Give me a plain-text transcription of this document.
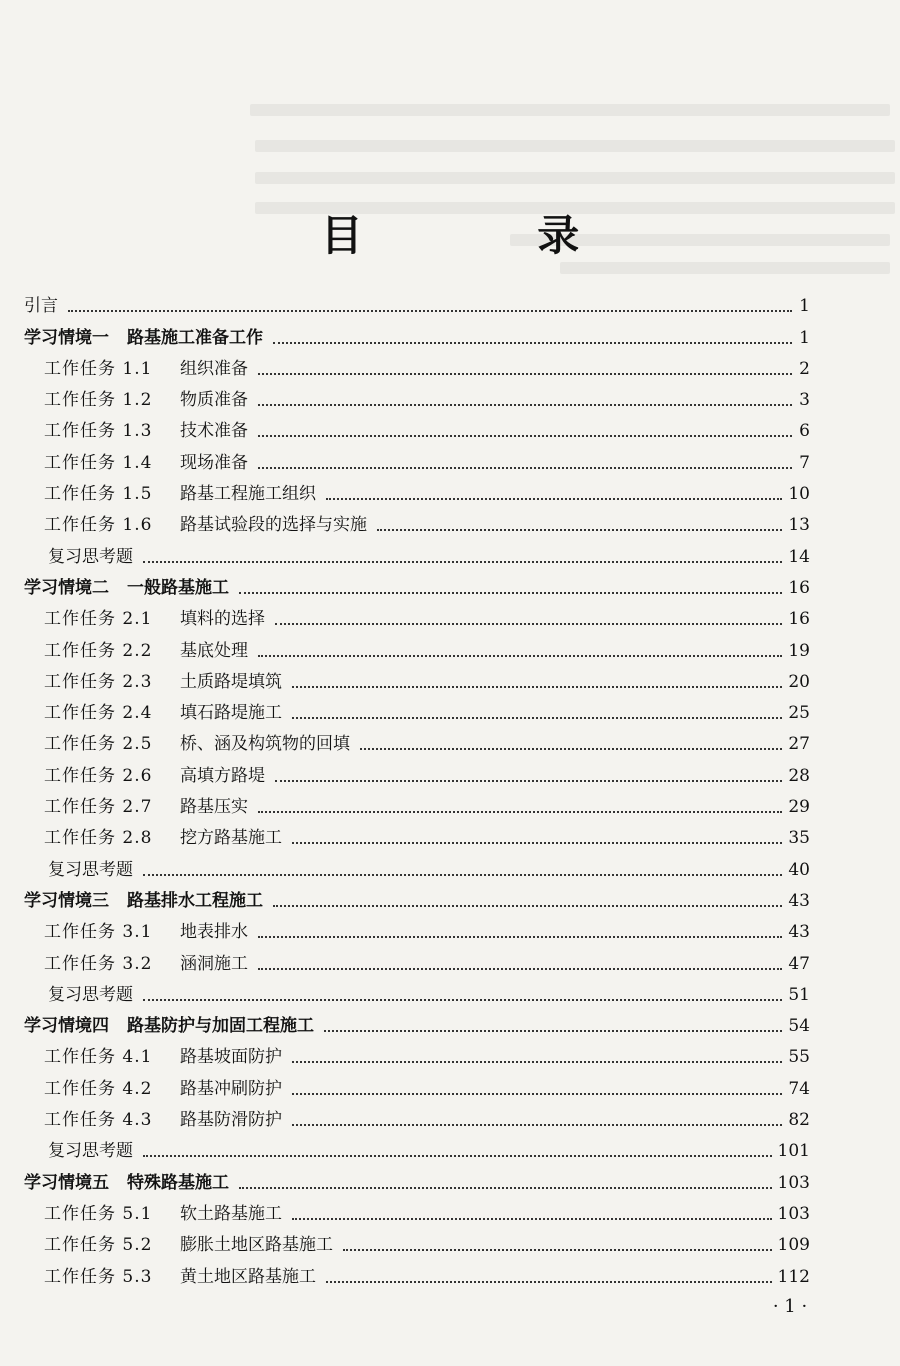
目 录
引言	1
学习情境一 路基施工准备工作	1
工作任务 1.1	组织准备	2
工作任务 1.2	物质准备	3
工作任务 1.3	技术准备	6
工作任务 1.4	现场准备	7
工作任务 1.5	路基工程施工组织	10
工作任务 1.6	路基试验段的选择与实施	13
复习思考题	14
学习情境二 一般路基施工	16
工作任务 2.1	填料的选择	16
工作任务 2.2	基底处理	19
工作任务 2.3	土质路堤填筑	20
工作任务 2.4	填石路堤施工	25
工作任务 2.5	桥、涵及构筑物的回填	27
工作任务 2.6	高填方路堤	28
工作任务 2.7	路基压实	29
工作任务 2.8	挖方路基施工	35
复习思考题	40
学习情境三 路基排水工程施工	43
工作任务 3.1	地表排水	43
工作任务 3.2	涵洞施工	47
复习思考题	51
学习情境四 路基防护与加固工程施工	54
工作任务 4.1	路基坡面防护	55
工作任务 4.2	路基冲刷防护	74
工作任务 4.3	路基防滑防护	82
复习思考题	101
学习情境五 特殊路基施工	103
工作任务 5.1	软土路基施工	103
工作任务 5.2	膨胀土地区路基施工	109
工作任务 5.3	黄土地区路基施工	112
· 1 ·
